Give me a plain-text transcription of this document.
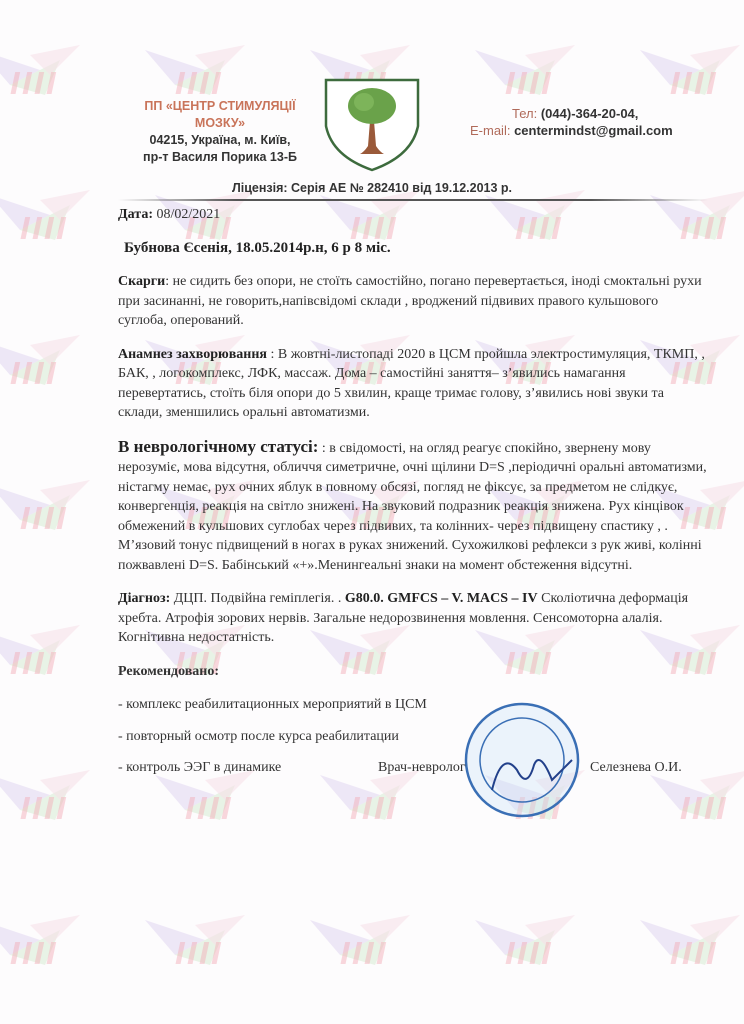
ПП «ЦЕНТР СТИМУЛЯЦІЇ МОЗКУ»
04215, Україна, м. Київ,
пр-т Василя Порика 13-Б
Тел: (044)-364-20-04,
E-mail: centermindst@gmail.com
Ліцензія: Серія АЕ № 282410 від 19.12.2013 р.
Дата: 08/02/2021
Бубнова Єсенія, 18.05.2014р.н, 6 р 8 міс.
Скарги: не сидить без опори, не стоїть самостійно, погано перевертається, іноді смоктальні рухи при засинанні, не говорить,напівсвідомі склади , вроджений підвивих правого кульшового суглоба, оперований.
Анамнез захворювання : В жовтні-листопаді 2020 в ЦСМ пройшла электростимуляция, ТКМП, , БАК, , логокомплекс, ЛФК, массаж. Дома – самостійні заняття– з’явились намагання перевертатись, стоїть біля опори до 5 хвилин, краще тримає голову, з’явились нові звуки та склади, зменшились оральні автоматизми.
В неврологічному статусі: : в свідомості, на огляд реагує спокійно, звернену мову нерозуміє, мова відсутня, обличчя симетричне, очні щілини D=S ,періодичні оральні автоматизми, ністагму немає, рух очних яблук в повному обсязі, погляд не фіксує, за предметом не слідкує, конвергенція, реакція на світло знижені. На звуковий подразник реакція знижена. Рух кінцівок обмежений в кульшових суглобах через підвивих, та колінних- через підвищену спастику , . М’язовий тонус підвищений в ногах в руках знижений. Сухожилкові рефлекси з рук живі, колінні пожвавлені D=S. Бабінський «+».Менингеальні знаки на момент обстеження відсутні.
Діагноз: ДЦП. Подвійна геміплегія. . G80.0. GMFCS – V. MACS – IV Сколіотична деформація хребта. Атрофія зорових нервів. Загальне недорозвинення мовлення. Сенсомоторна алалія. Когнітивна недостатність.
Рекомендовано:
- комплекс реабилитационных мероприятий в ЦСМ
- повторный осмотр после курса реабилитации
- контроль ЭЭГ в динамике	Врач-невролог	Селезнева О.И.
